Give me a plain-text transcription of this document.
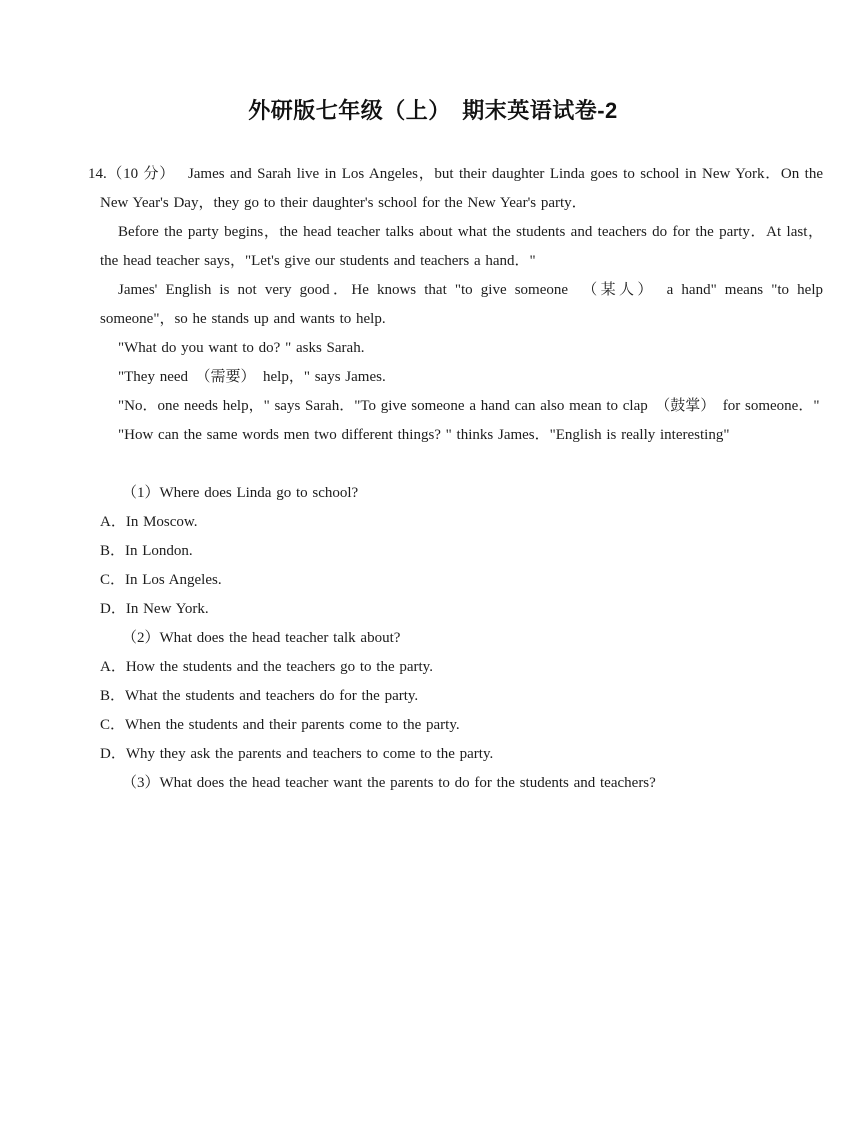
外研版七年级（上）　期末英语试卷-2

14.（10 分） James and Sarah live in Los Angeles，but their daughter Linda goes to school in New York．On the New Year's Day，they go to their daughter's school for the New Year's party．

Before the party begins，the head teacher talks about what the students and teachers do for the party．At last，the head teacher says，"Let's give our students and teachers a hand．"

James' English is not very good．He knows that "to give someone　（某人）　a hand" means "to help someone"，so he stands up and wants to help.

"What do you want to do? " asks Sarah.

"They need　（需要）　help，" says James.

"No．one needs help，" says Sarah．"To give someone a hand can also mean to clap　（鼓掌）　for someone．"

"How can the same words men two different things? " thinks James．"English is really interesting"

（1）Where does Linda go to school?

A．In Moscow.

B．In London.

C．In Los Angeles.

D．In New York.

（2）What does the head teacher talk about?

A．How the students and the teachers go to the party.

B．What the students and teachers do for the party.

C．When the students and their parents come to the party.

D．Why they ask the parents and teachers to come to the party.

（3）What does the head teacher want the parents to do for the students and teachers?
